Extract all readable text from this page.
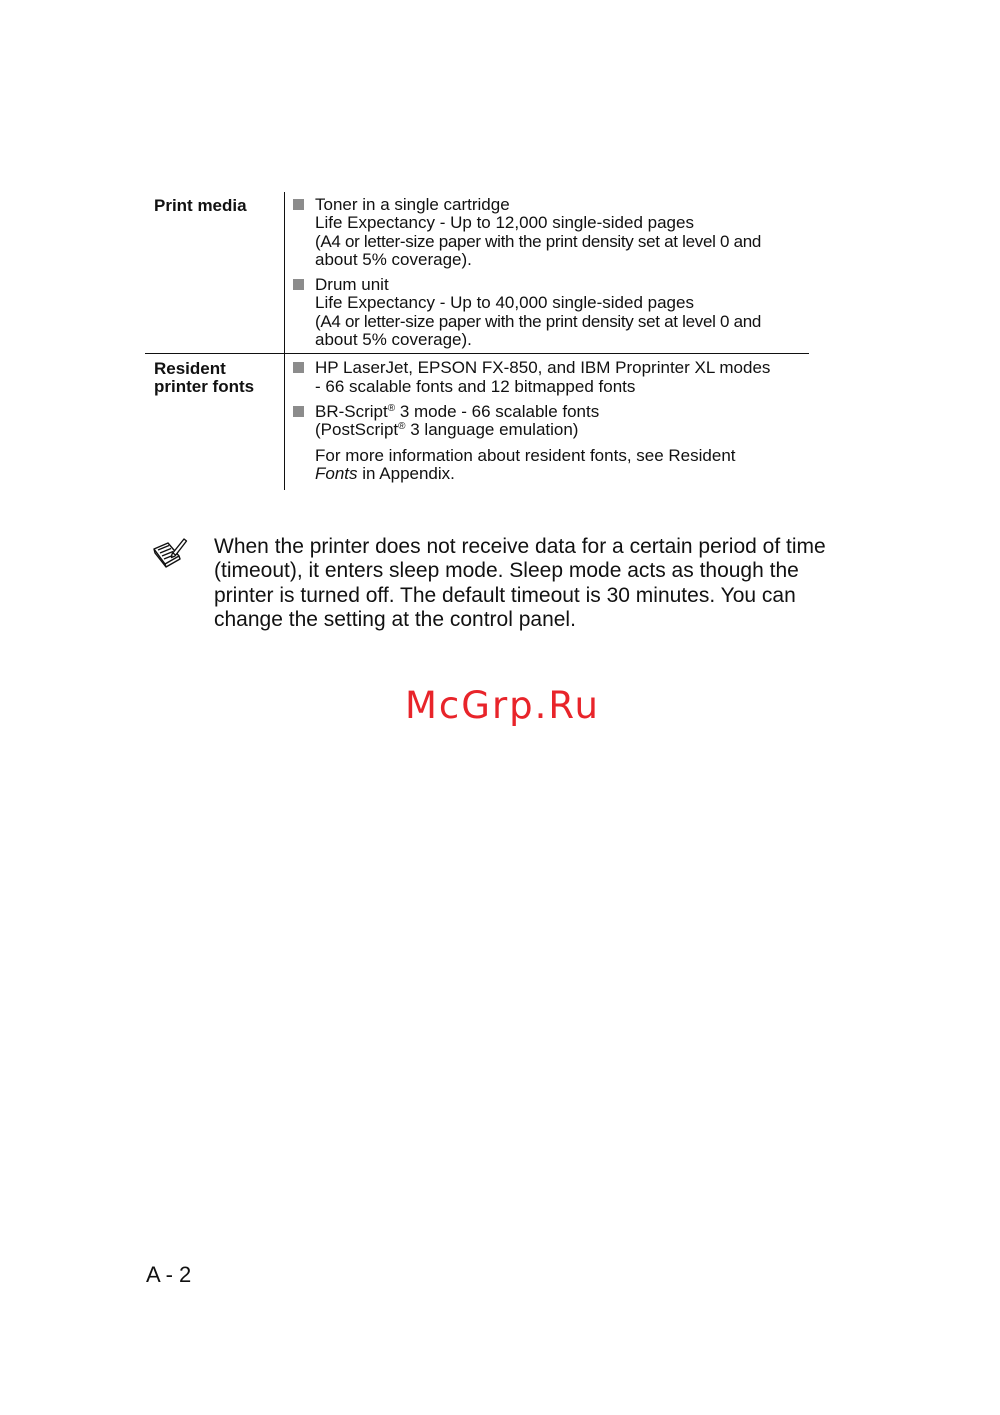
Print media	Toner in a single cartridge
Life Expectancy - Up to 12,000 single-sided pages
(A4 or letter-size paper with the print density set at level 0 and
about 5% coverage).
Drum unit
Life Expectancy - Up to 40,000 single-sided pages
(A4 or letter-size paper with the print density set at level 0 and
about 5% coverage).
Resident
printer fonts
HP LaserJet, EPSON FX-850, and IBM Proprinter XL modes
- 66 scalable fonts and 12 bitmapped fonts
BR-Script® 3 mode - 66 scalable fonts
(PostScript® 3 language emulation)
For more information about resident fonts, see Resident
Fonts in Appendix.
When the printer does not receive data for a certain period of time (timeout), it enters sleep mode. Sleep mode acts as though the printer is turned off. The default timeout is 30 minutes. You can change the setting at the control panel.
McGrp.Ru
A - 2
